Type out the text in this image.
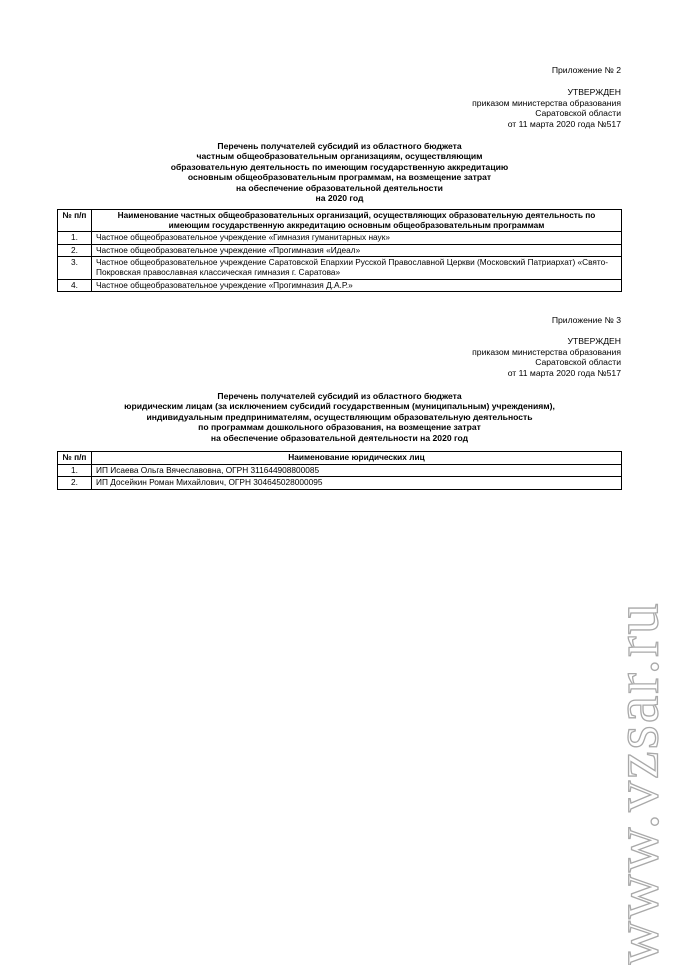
Приложение № 2
УТВЕРЖДЕН
приказом министерства образования
Саратовской области
от 11 марта 2020 года №517
Перечень получателей субсидий из областного бюджета
частным общеобразовательным организациям, осуществляющим
образовательную деятельность по имеющим государственную аккредитацию
основным общеобразовательным программам, на возмещение затрат
на обеспечение образовательной деятельности
на 2020 год
№ п/п	Наименование частных общеобразовательных организаций, осуществляющих образовательную деятельность по имеющим государственную аккредитацию основным общеобразовательным программам
1.	Частное общеобразовательное учреждение «Гимназия гуманитарных наук»
2.	Частное общеобразовательное учреждение «Прогимназия «Идеал»
3.	Частное общеобразовательное учреждение Саратовской Епархии Русской Православной Церкви (Московский Патриархат) «Свято-Покровская православная классическая гимназия г. Саратова»
4.	Частное общеобразовательное учреждение «Прогимназия Д.А.Р.»
Приложение № 3
УТВЕРЖДЕН
приказом министерства образования
Саратовской области
от 11 марта 2020 года №517
Перечень получателей субсидий из областного бюджета
юридическим лицам (за исключением субсидий государственным (муниципальным) учреждениям),
индивидуальным предпринимателям, осуществляющим образовательную деятельность
по программам дошкольного образования, на возмещение затрат
на обеспечение образовательной деятельности на 2020 год
№ п/п	Наименование юридических лиц
1.	ИП Исаева Ольга Вячеславовна, ОГРН 311644908800085
2.	ИП Досейкин Роман Михайлович, ОГРН 304645028000095
www.vzsar.ru
